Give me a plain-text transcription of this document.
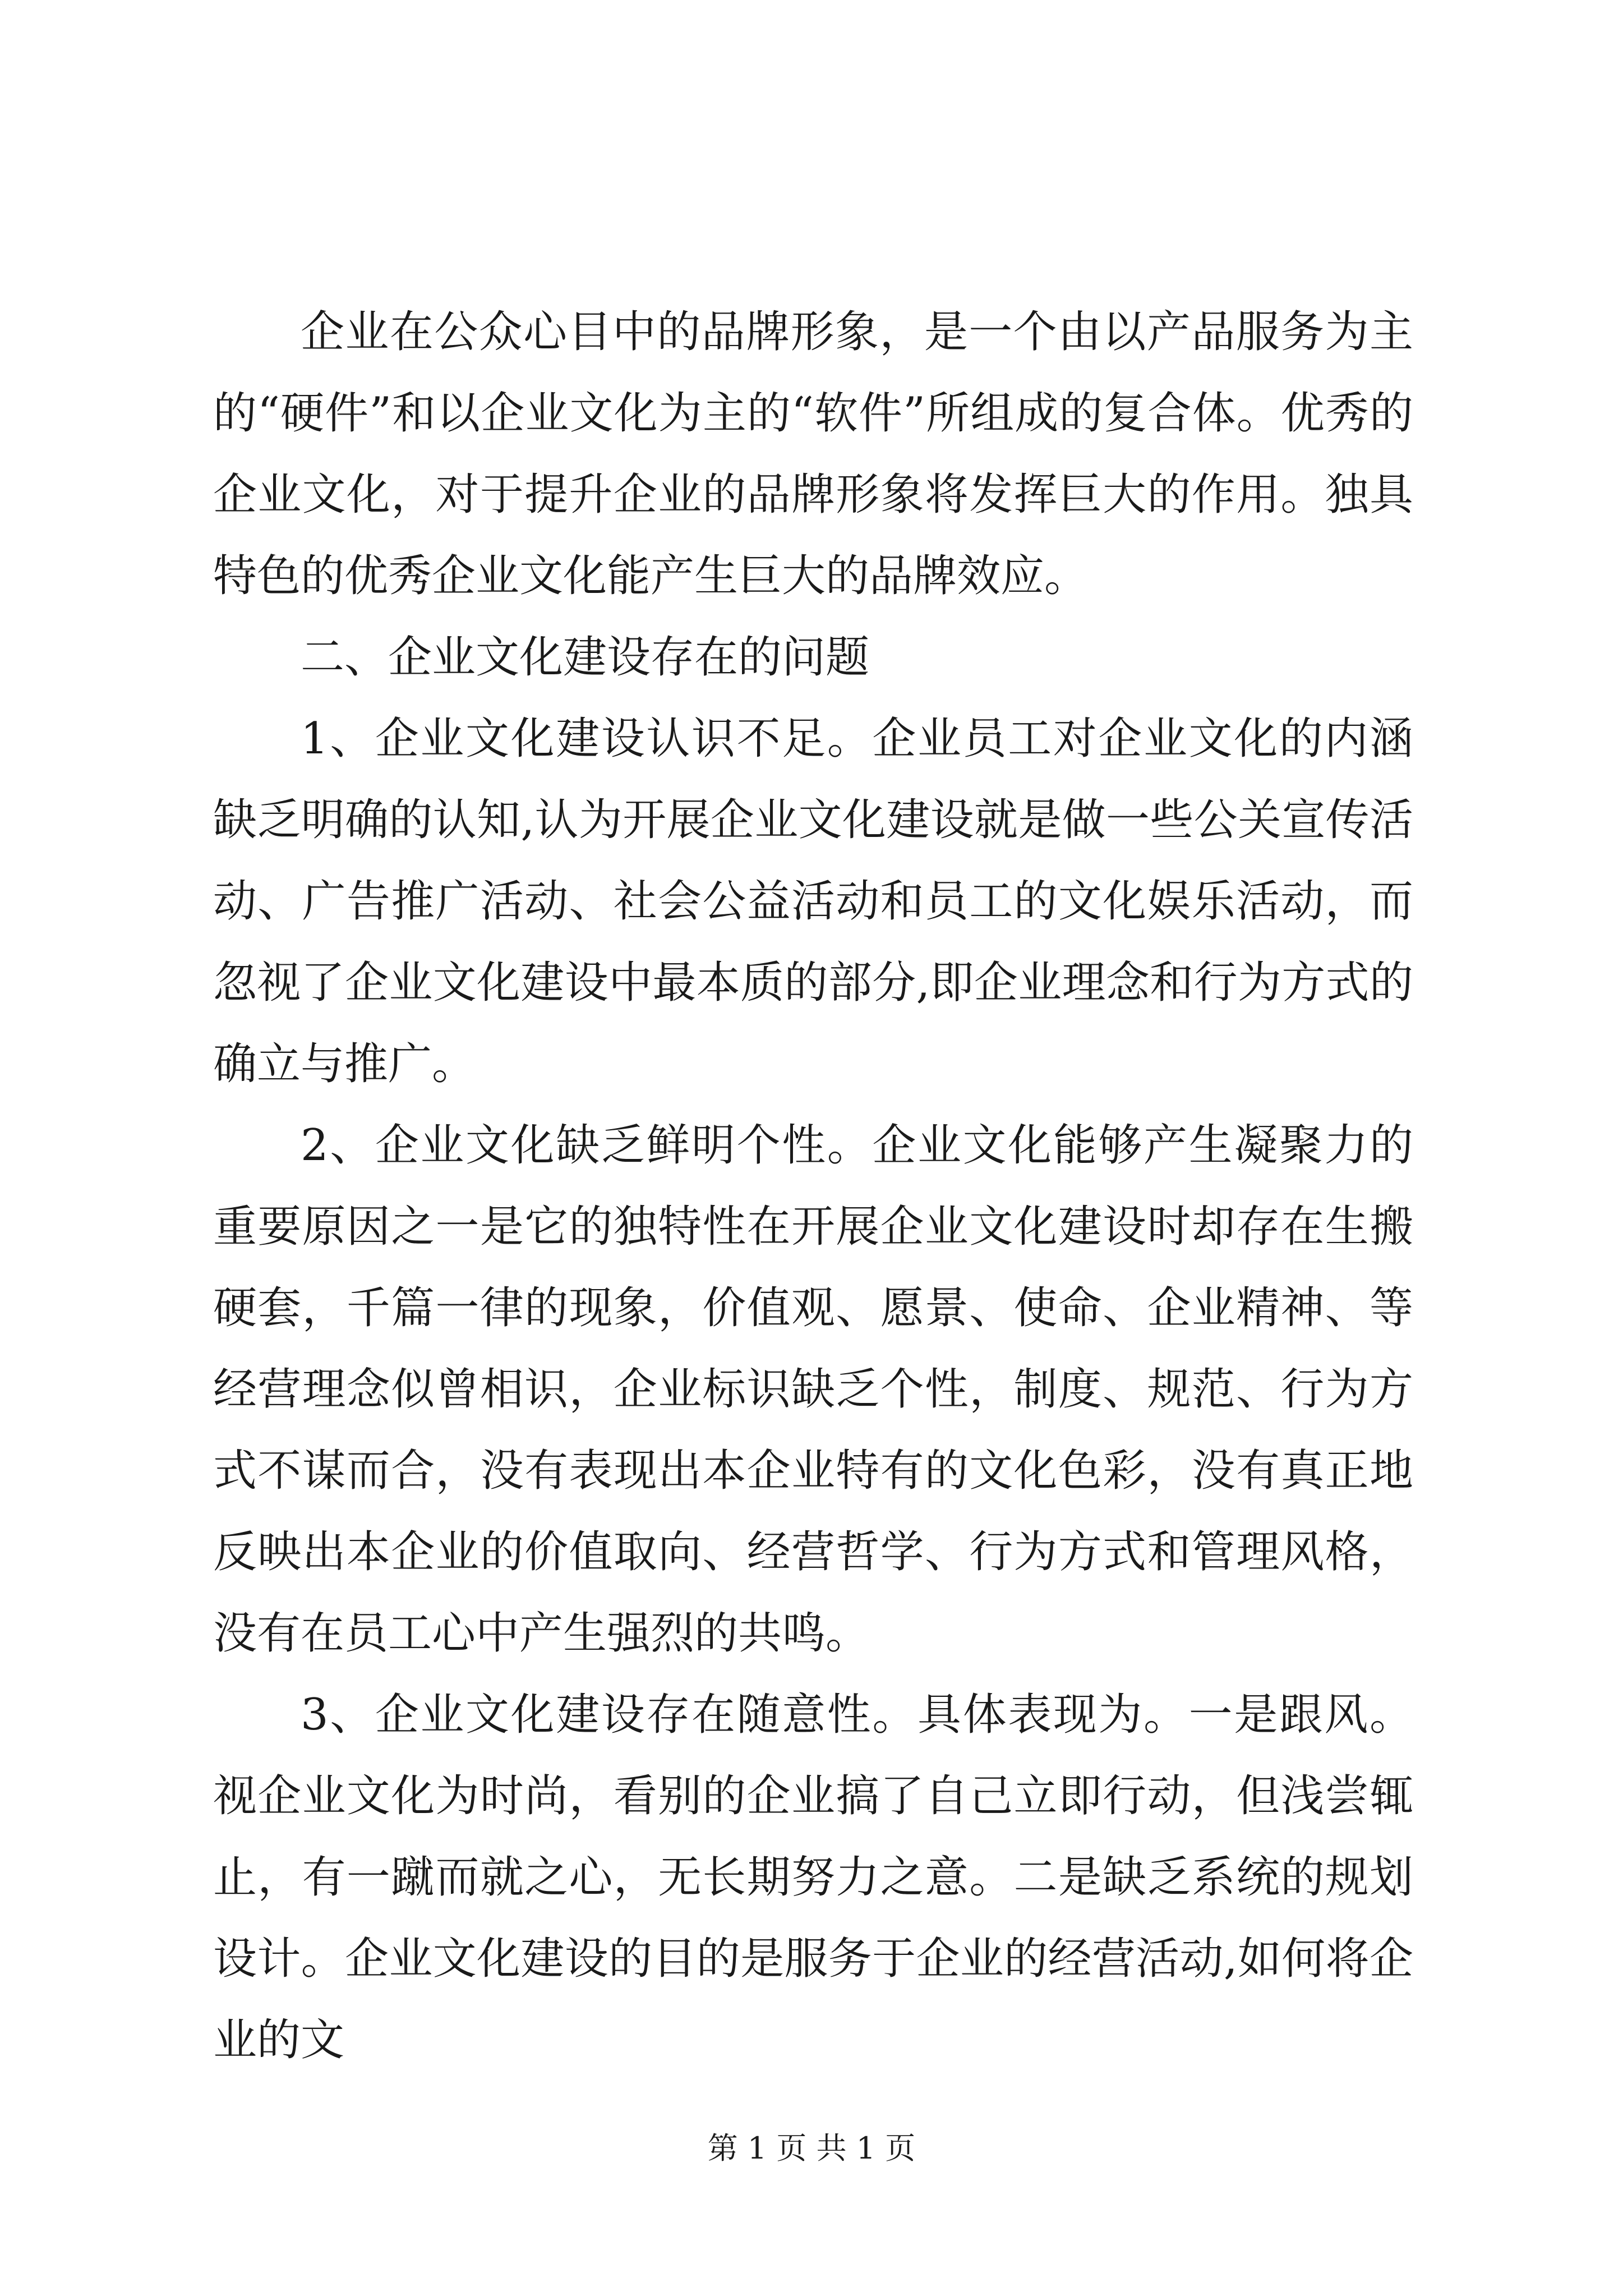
企业在公众心目中的品牌形象，是一个由以产品服务为主的“硬件”和以企业文化为主的“软件”所组成的复合体。优秀的企业文化，对于提升企业的品牌形象将发挥巨大的作用。独具特色的优秀企业文化能产生巨大的品牌效应。

二、企业文化建设存在的问题

1、企业文化建设认识不足。企业员工对企业文化的内涵缺乏明确的认知,认为开展企业文化建设就是做一些公关宣传活动、广告推广活动、社会公益活动和员工的文化娱乐活动，而忽视了企业文化建设中最本质的部分,即企业理念和行为方式的确立与推广。

2、企业文化缺乏鲜明个性。企业文化能够产生凝聚力的重要原因之一是它的独特性在开展企业文化建设时却存在生搬硬套，千篇一律的现象，价值观、愿景、使命、企业精神、等经营理念似曾相识，企业标识缺乏个性，制度、规范、行为方式不谋而合，没有表现出本企业特有的文化色彩，没有真正地反映出本企业的价值取向、经营哲学、行为方式和管理风格，没有在员工心中产生强烈的共鸣。

3、企业文化建设存在随意性。具体表现为。一是跟风。视企业文化为时尚，看别的企业搞了自己立即行动，但浅尝辄止，有一蹴而就之心，无长期努力之意。二是缺乏系统的规划设计。企业文化建设的目的是服务于企业的经营活动,如何将企业的文

第 1 页 共 1 页
